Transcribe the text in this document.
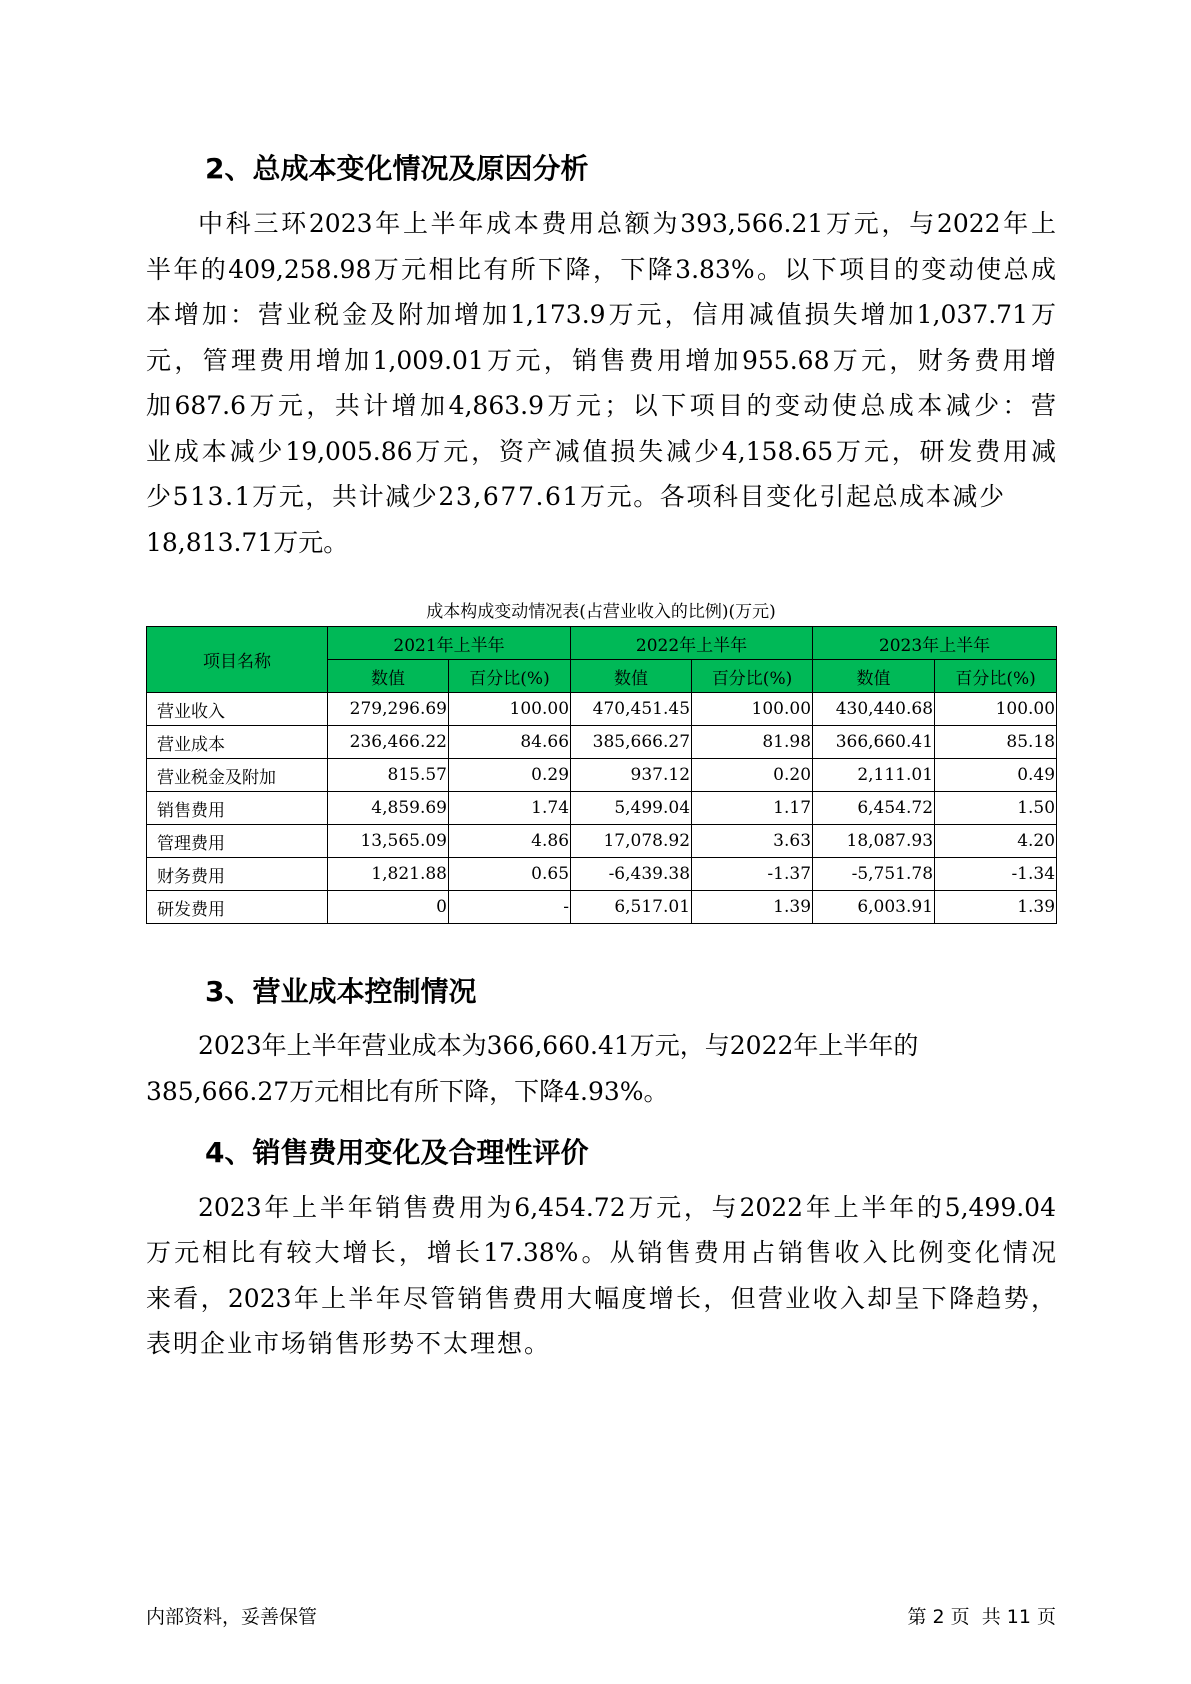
2、总成本变化情况及原因分析
中科三环2023年上半年成本费用总额为393,566.21万元，与2022年上
半年的409,258.98万元相比有所下降，下降3.83%。以下项目的变动使总成
本增加：营业税金及附加增加1,173.9万元，信用减值损失增加1,037.71万
元，管理费用增加1,009.01万元，销售费用增加955.68万元，财务费用增
加687.6万元，共计增加4,863.9万元；以下项目的变动使总成本减少：营
业成本减少19,005.86万元，资产减值损失减少4,158.65万元，研发费用减
少513.1万元，共计减少23,677.61万元。各项科目变化引起总成本减少
18,813.71万元。
成本构成变动情况表(占营业收入的比例)(万元)
项目名称	2021年上半年		2022年上半年		2023年上半年	
	数值	百分比(%)	数值	百分比(%)	数值	百分比(%)
营业收入	279,296.69	100.00	470,451.45	100.00	430,440.68	100.00
营业成本	236,466.22	84.66	385,666.27	81.98	366,660.41	85.18
营业税金及附加	815.57	0.29	937.12	0.20	2,111.01	0.49
销售费用	4,859.69	1.74	5,499.04	1.17	6,454.72	1.50
管理费用	13,565.09	4.86	17,078.92	3.63	18,087.93	4.20
财务费用	1,821.88	0.65	-6,439.38	-1.37	-5,751.78	-1.34
研发费用	0	-	6,517.01	1.39	6,003.91	1.39
3、营业成本控制情况
2023年上半年营业成本为366,660.41万元，与2022年上半年的
385,666.27万元相比有所下降，下降4.93%。
4、销售费用变化及合理性评价
2023年上半年销售费用为6,454.72万元，与2022年上半年的5,499.04
万元相比有较大增长，增长17.38%。从销售费用占销售收入比例变化情况
来看，2023年上半年尽管销售费用大幅度增长，但营业收入却呈下降趋势，
表明企业市场销售形势不太理想。
内部资料，妥善保管	第 2 页  共 11 页
